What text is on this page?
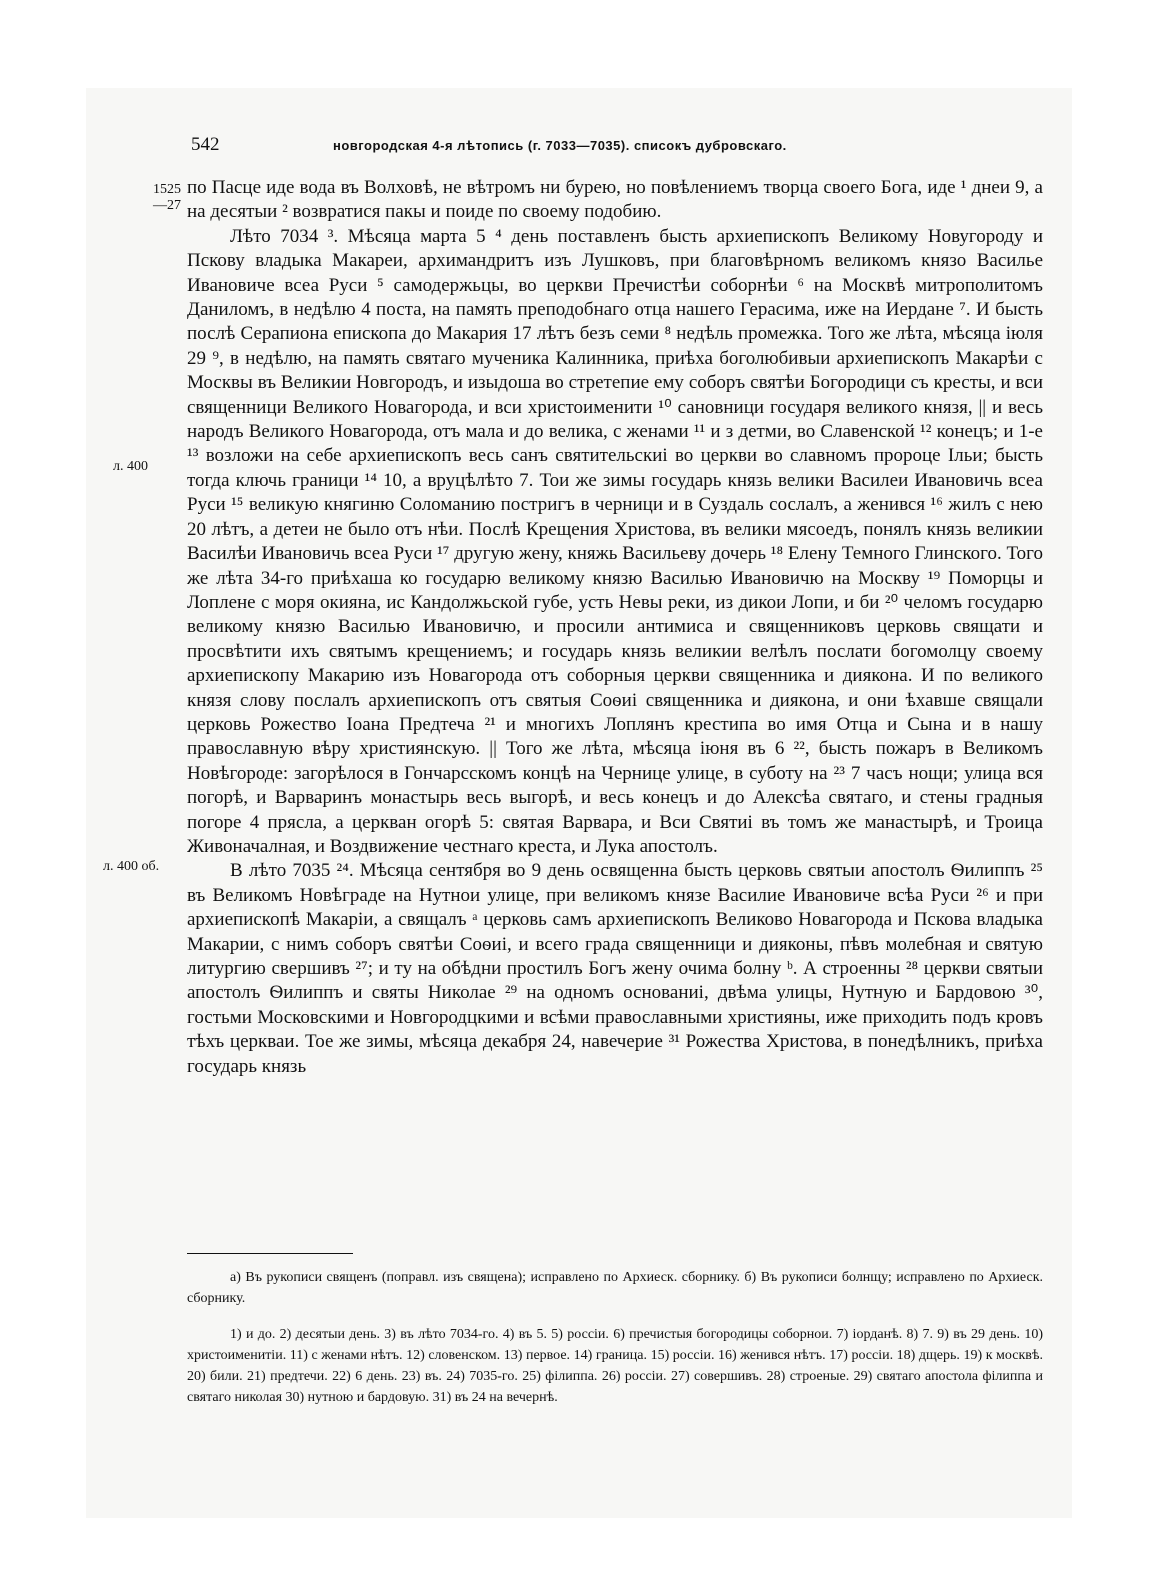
542	новгородская 4-я лѣтопись (г. 7033—7035). списокъ дубровскаго.
1525
—27
л. 400
л. 400 об.

по Пасце иде вода въ Волховѣ, не вѣтромъ ни бурею, но повѣлениемъ творца своего Бога, иде ¹ днеи 9, а на десятыи ² возвратися пакы и поиде по своему подобию.

Лѣто 7034 ³. Мѣсяца марта 5 ⁴ день поставленъ бысть архиепископъ Великому Новугороду и Пскову владыка Макареи, архимандритъ изъ Лушковъ, при благовѣрномъ великомъ князо Василье Ивановиче всеа Руси ⁵ самодержьцы, во церкви Пречистѣи соборнѣи ⁶ на Москвѣ митрополитомъ Даниломъ, в недѣлю 4 поста, на память преподобнаго отца нашего Герасима, иже на Иердане ⁷. И бысть послѣ Серапиона епископа до Макария 17 лѣтъ безъ семи ⁸ недѣль промежка. Того же лѣта, мѣсяца іюля 29 ⁹, в недѣлю, на память святаго мученика Калинника, приѣха боголюбивыи архиепископъ Макарѣи с Москвы въ Великии Новгородъ, и изыдоша во стретепие ему соборъ святѣи Богородици съ кресты, и вси священници Великого Новагорода, и вси христоименити ¹⁰ сановници государя великого князя, || и весь народъ Великого Новагорода, отъ мала и до велика, с женами ¹¹ и з детми, во Славенской ¹² конецъ; и 1-е ¹³ возложи на себе архиепископъ весь санъ святительскиі во церкви во славномъ пророце Ільи; бысть тогда ключь граници ¹⁴ 10, а вруцѣлѣто 7. Тои же зимы государь князь велики Василеи Ивановичь всеа Руси ¹⁵ великую княгиню Соломанию постригъ в черници и в Суздаль сослалъ, а женився ¹⁶ жилъ с нею 20 лѣтъ, а детеи не было отъ нѣи. Послѣ Крещения Христова, въ велики мясоедъ, понялъ князь великии Василѣи Ивановичь всеа Руси ¹⁷ другую жену, княжь Васильеву дочерь ¹⁸ Елену Темного Глинского. Того же лѣта 34-го приѣхаша ко государю великому князю Василью Ивановичю на Москву ¹⁹ Поморцы и Лоплене с моря окияна, ис Кандолжьской губе, усть Невы реки, из дикои Лопи, и би ²⁰ челомъ государю великому князю Василью Ивановичю, и просили антимиса и священниковъ церковь свящати и просвѣтити ихъ святымъ крещениемъ; и государь князь великии велѣлъ послати богомолцу своему архиепископу Макарию изъ Новагорода отъ соборныя церкви священника и диякона. И по великого князя слову послалъ архиепископъ отъ святыя Соѳиі священника и диякона, и они ѣхавше свящали церковь Рожество Іоана Предтеча ²¹ и многихъ Лоплянъ крестипа во имя Отца и Сына и в нашу православную вѣру християнскую. || Того же лѣта, мѣсяца іюня въ 6 ²², бысть пожаръ в Великомъ Новѣгороде: загорѣлося в Гончарсскомъ концѣ на Чернице улице, в суботу на ²³ 7 часъ нощи; улица вся погорѣ, и Варваринъ монастырь весь выгорѣ, и весь конецъ и до Алексѣа святаго, и стены градныя погоре 4 прясла, а церкван огорѣ 5: святая Варвара, и Вси Святиі въ томъ же манастырѣ, и Троица Живоначалная, и Воздвижение честнаго креста, и Лука апостолъ.

В лѣто 7035 ²⁴. Мѣсяца сентября во 9 день освященна бысть церковь святыи апостолъ Ѳилиппъ ²⁵ въ Великомъ Новѣграде на Нутнои улице, при великомъ князе Василие Ивановиче всѣа Руси ²⁶ и при архиепископѣ Макаріи, а свящалъ ᵃ церковь самъ архиепископъ Великово Новагорода и Пскова владыка Макарии, с нимъ соборъ святѣи Соѳиі, и всего града священници и дияконы, пѣвъ молебная и святую литургию свершивъ ²⁷; и ту на обѣдни простилъ Богъ жену очима болну ᵇ. А строенны ²⁸ церкви святыи апостолъ Ѳилиппъ и святы Николае ²⁹ на одномъ основаниі, двѣма улицы, Нутную и Бардовою ³⁰, гостьми Московскими и Новгородцкими и всѣми православными християны, иже приходить подъ кровъ тѣхъ церкваи. Тое же зимы, мѣсяца декабря 24, навечерие ³¹ Рожества Христова, в понедѣлникъ, приѣха государь князь

а) Въ рукописи священъ (поправл. изъ священа); исправлено по Архиеск. сборнику. б) Въ рукописи болнщу; исправлено по Архиеск. сборнику.

1) и до. 2) десятыи день. 3) въ лѣто 7034-го. 4) въ 5. 5) россіи. 6) пречистыя богородицы соборнои. 7) іорданѣ. 8) 7. 9) въ 29 день. 10) христоименитіи. 11) с женами нѣтъ. 12) словенском. 13) первое. 14) границa. 15) россіи. 16) женився нѣтъ. 17) россіи. 18) дщерь. 19) к москвѣ. 20) били. 21) предтечи. 22) 6 день. 23) въ. 24) 7035-го. 25) філиппа. 26) россіи. 27) совершивъ. 28) строеные. 29) святаго апостола філиппа и святаго николая 30) нутною и бардовую. 31) въ 24 на вечернѣ.
